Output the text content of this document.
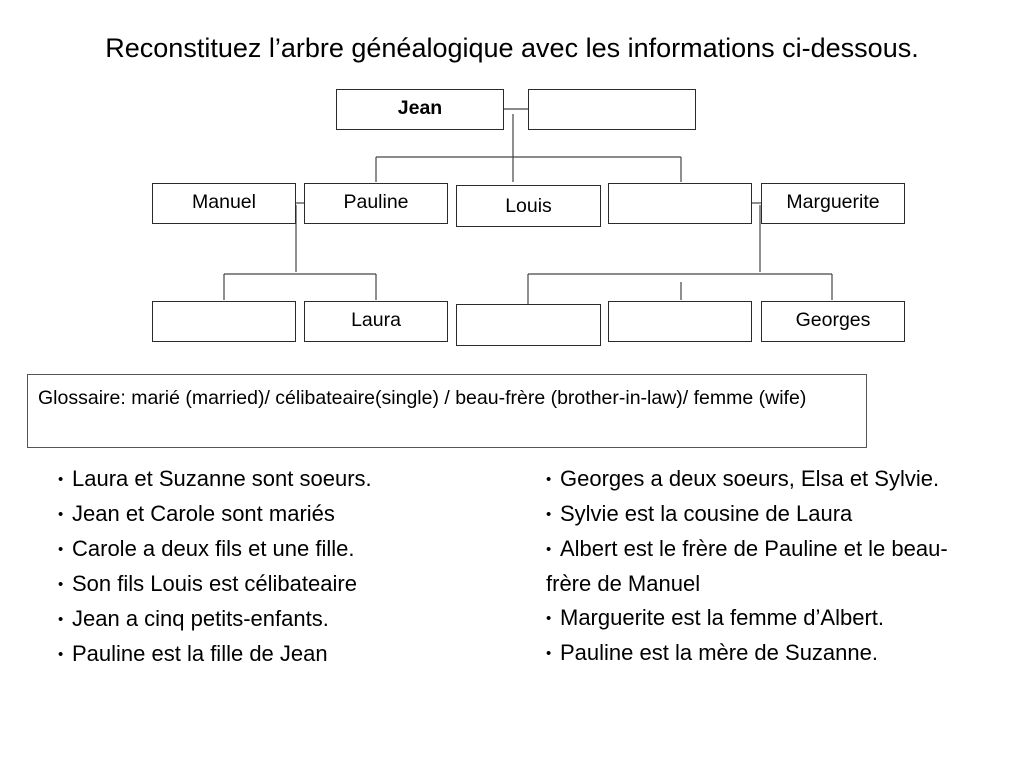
Reconstituez l’arbre généalogique avec les informations ci-dessous.
Jean
Manuel	Pauline	Louis	Marguerite
Laura	Georges
Glossaire: marié (married)/ célibateaire(single) / beau-frère (brother-in-law)/ femme (wife)
• Laura et Suzanne sont soeurs.
• Jean et Carole sont mariés
• Carole a deux fils et une fille.
• Son fils Louis est célibateaire
• Jean a cinq petits-enfants.
• Pauline est la fille de Jean
• Georges a deux soeurs, Elsa et Sylvie.
• Sylvie est la cousine de Laura
• Albert est le frère de Pauline et le beau-frère de Manuel
• Marguerite est la femme d’Albert.
• Pauline est la mère de Suzanne.
